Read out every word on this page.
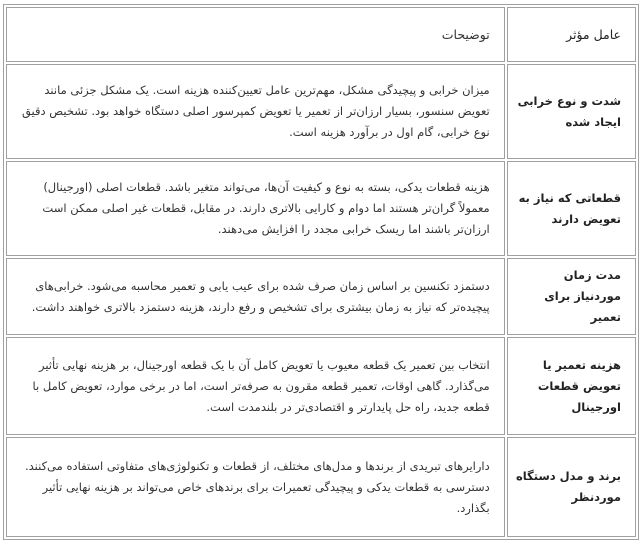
عامل مؤثر	توضیحات
شدت و نوع خرابی ایجاد شده	میزان خرابی و پیچیدگی مشکل، مهم‌ترین عامل تعیین‌کننده هزینه است. یک مشکل جزئی مانند تعویض سنسور، بسیار ارزان‌تر از تعمیر یا تعویض کمپرسور اصلی دستگاه خواهد بود. تشخیص دقیق نوع خرابی، گام اول در برآورد هزینه است.
قطعاتی که نیاز به تعویض دارند	هزینه قطعات یدکی، بسته به نوع و کیفیت آن‌ها، می‌تواند متغیر باشد. قطعات اصلی (اورجینال) معمولاً گران‌تر هستند اما دوام و کارایی بالاتری دارند. در مقابل، قطعات غیر اصلی ممکن است ارزان‌تر باشند اما ریسک خرابی مجدد را افزایش می‌دهند.
مدت زمان موردنیاز برای تعمیر	دستمزد تکنسین بر اساس زمان صرف شده برای عیب یابی و تعمیر محاسبه می‌شود. خرابی‌های پیچیده‌تر که نیاز به زمان بیشتری برای تشخیص و رفع دارند، هزینه دستمزد بالاتری خواهند داشت.
هزینه تعمیر یا تعویض قطعات اورجینال	انتخاب بین تعمیر یک قطعه معیوب یا تعویض کامل آن با یک قطعه اورجینال، بر هزینه نهایی تأثیر می‌گذارد. گاهی اوقات، تعمیر قطعه مقرون به صرفه‌تر است، اما در برخی موارد، تعویض کامل با قطعه جدید، راه حل پایدارتر و اقتصادی‌تر در بلندمدت است.
برند و مدل دستگاه موردنظر	دارایرهای تبریدی از برندها و مدل‌های مختلف، از قطعات و تکنولوژی‌های متفاوتی استفاده می‌کنند. دسترسی به قطعات یدکی و پیچیدگی تعمیرات برای برندهای خاص می‌تواند بر هزینه نهایی تأثیر بگذارد.
